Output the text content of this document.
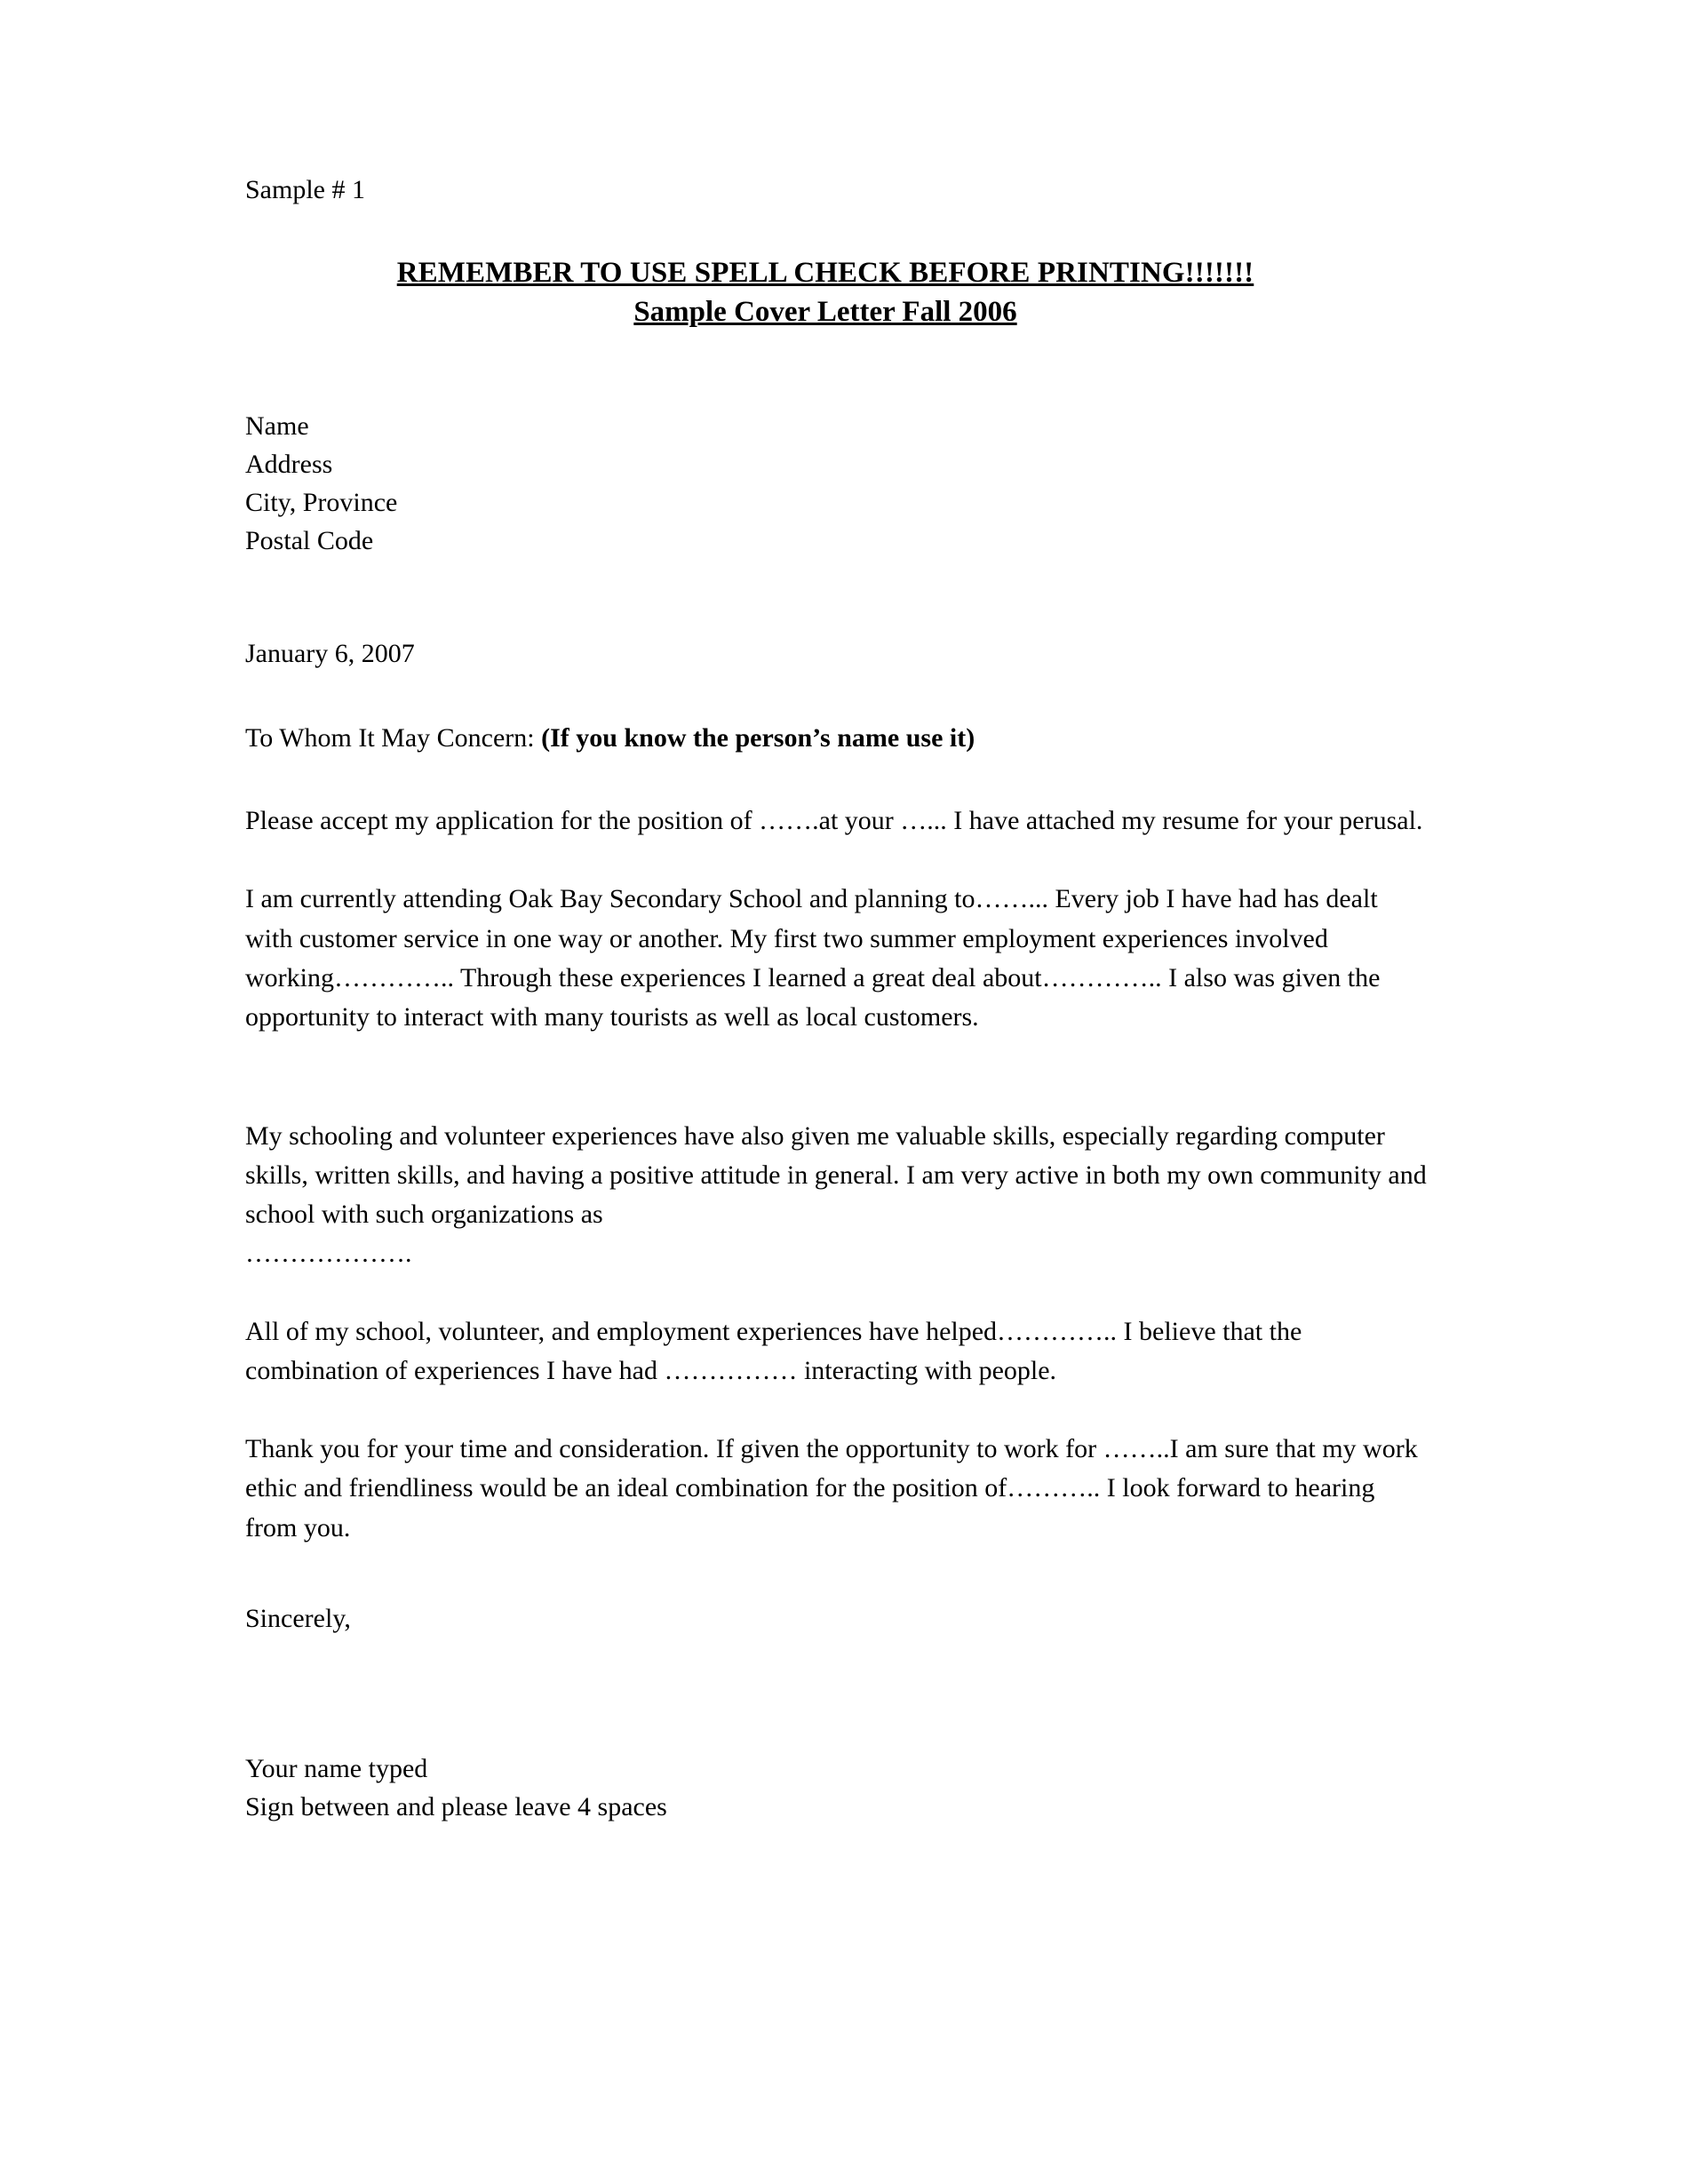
Sample # 1
REMEMBER TO USE SPELL CHECK BEFORE PRINTING!!!!!!!
Sample Cover Letter Fall 2006
Name
Address
City, Province
Postal Code
January 6, 2007
To Whom It May Concern: (If you know the person’s name use it)
Please accept my application for the position of …….at your …... I have attached my resume for your perusal.
I am currently attending Oak Bay Secondary School and planning to……... Every job I have had has dealt with customer service in one way or another. My first two summer employment experiences involved working………….. Through these experiences I learned a great deal about………….. I also was given the opportunity to interact with many tourists as well as local customers.
My schooling and volunteer experiences have also given me valuable skills, especially regarding computer skills, written skills, and having a positive attitude in general. I am very active in both my own community and school with such organizations as
……………….
All of my school, volunteer, and employment experiences have helped………….. I believe that the combination of experiences I have had …………… interacting with people.
Thank you for your time and consideration. If given the opportunity to work for ……..I am sure that my work ethic and friendliness would be an ideal combination for the position of……….. I look forward to hearing from you.
Sincerely,
Your name typed
Sign between and please leave 4 spaces
